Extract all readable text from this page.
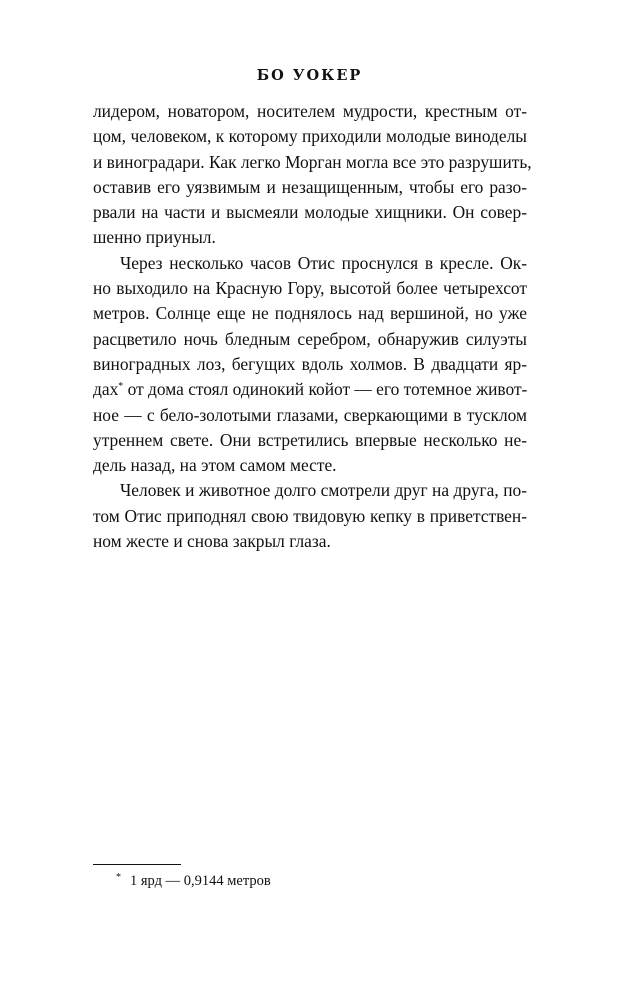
БО УОКЕР
лидером, новатором, носителем мудрости, крестным от-
цом, человеком, к которому приходили молодые виноделы
и виноградари. Как легко Морган могла все это разрушить,
оставив его уязвимым и незащищенным, чтобы его разо-
рвали на части и высмеяли молодые хищники. Он совер-
шенно приуныл.
Через несколько часов Отис проснулся в кресле. Ок-
но выходило на Красную Гору, высотой более четырехсот
метров. Солнце еще не поднялось над вершиной, но уже
расцветило ночь бледным серебром, обнаружив силуэты
виноградных лоз, бегущих вдоль холмов. В двадцати яр-
дах* от дома стоял одинокий койот — его тотемное живот-
ное — с бело-золотыми глазами, сверкающими в тусклом
утреннем свете. Они встретились впервые несколько не-
дель назад, на этом самом месте.
Человек и животное долго смотрели друг на друга, по-
том Отис приподнял свою твидовую кепку в приветствен-
ном жесте и снова закрыл глаза.
* 1 ярд — 0,9144 метров
